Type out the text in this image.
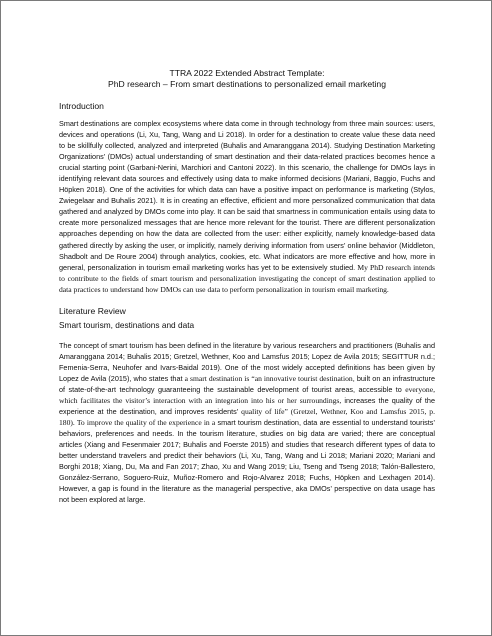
TTRA 2022 Extended Abstract Template:

PhD research – From smart destinations to personalized email marketing

Introduction

Smart destinations are complex ecosystems where data come in through technology from three main sources: users, devices and operations (Li, Xu, Tang, Wang and Li 2018). In order for a destination to create value these data need to be skillfully collected, analyzed and interpreted (Buhalis and Amaranggana 2014). Studying Destination Marketing Organizations’ (DMOs) actual understanding of smart destination and their data-related practices becomes hence a crucial starting point (Garbani-Nerini, Marchiori and Cantoni 2022). In this scenario, the challenge for DMOs lays in identifying relevant data sources and effectively using data to make informed decisions (Mariani, Baggio, Fuchs and Höpken 2018). One of the activities for which data can have a positive impact on performance is marketing (Stylos, Zwiegelaar and Buhalis 2021). It is in creating an effective, efficient and more personalized communication that data gathered and analyzed by DMOs come into play. It can be said that smartness in communication entails using data to create more personalized messages that are hence more relevant for the tourist. There are different personalization approaches depending on how the data are collected from the user: either explicitly, namely knowledge-based data gathered directly by asking the user, or implicitly, namely deriving information from users’ online behavior (Middleton, Shadbolt and De Roure 2004) through analytics, cookies, etc. What indicators are more effective and how, more in general, personalization in tourism email marketing works has yet to be extensively studied. My PhD research intends to contribute to the fields of smart tourism and personalization investigating the concept of smart destination applied to data practices to understand how DMOs can use data to perform personalization in tourism email marketing.

Literature Review
Smart tourism, destinations and data

The concept of smart tourism has been defined in the literature by various researchers and practitioners (Buhalis and Amaranggana 2014; Buhalis 2015; Gretzel, Wethner, Koo and Lamsfus 2015; Lopez de Avila 2015; SEGITTUR n.d.; Femenia-Serra, Neuhofer and Ivars-Baidal 2019). One of the most widely accepted definitions has been given by Lopez de Avila (2015), who states that a smart destination is “an innovative tourist destination, built on an infrastructure of state-of-the-art technology guaranteeing the sustainable development of tourist areas, accessible to everyone, which facilitates the visitor’s interaction with an integration into his or her surroundings, increases the quality of the experience at the destination, and improves residents’ quality of life” (Gretzel, Wethner, Koo and Lamsfus 2015, p. 180). To improve the quality of the experience in a smart tourism destination, data are essential to understand tourists’ behaviors, preferences and needs. In the tourism literature, studies on big data are varied; there are conceptual articles (Xiang and Fesenmaier 2017; Buhalis and Foerste 2015) and studies that research different types of data to better understand travelers and predict their behaviors (Li, Xu, Tang, Wang and Li 2018; Mariani 2020; Mariani and Borghi 2018; Xiang, Du, Ma and Fan 2017; Zhao, Xu and Wang 2019; Liu, Tseng and Tseng 2018; Talón-Ballestero, González-Serrano, Soguero-Ruiz, Muñoz-Romero and Rojo-Alvarez 2018; Fuchs, Höpken and Lexhagen 2014). However, a gap is found in the literature as the managerial perspective, aka DMOs’ perspective on data usage has not been explored at large.
